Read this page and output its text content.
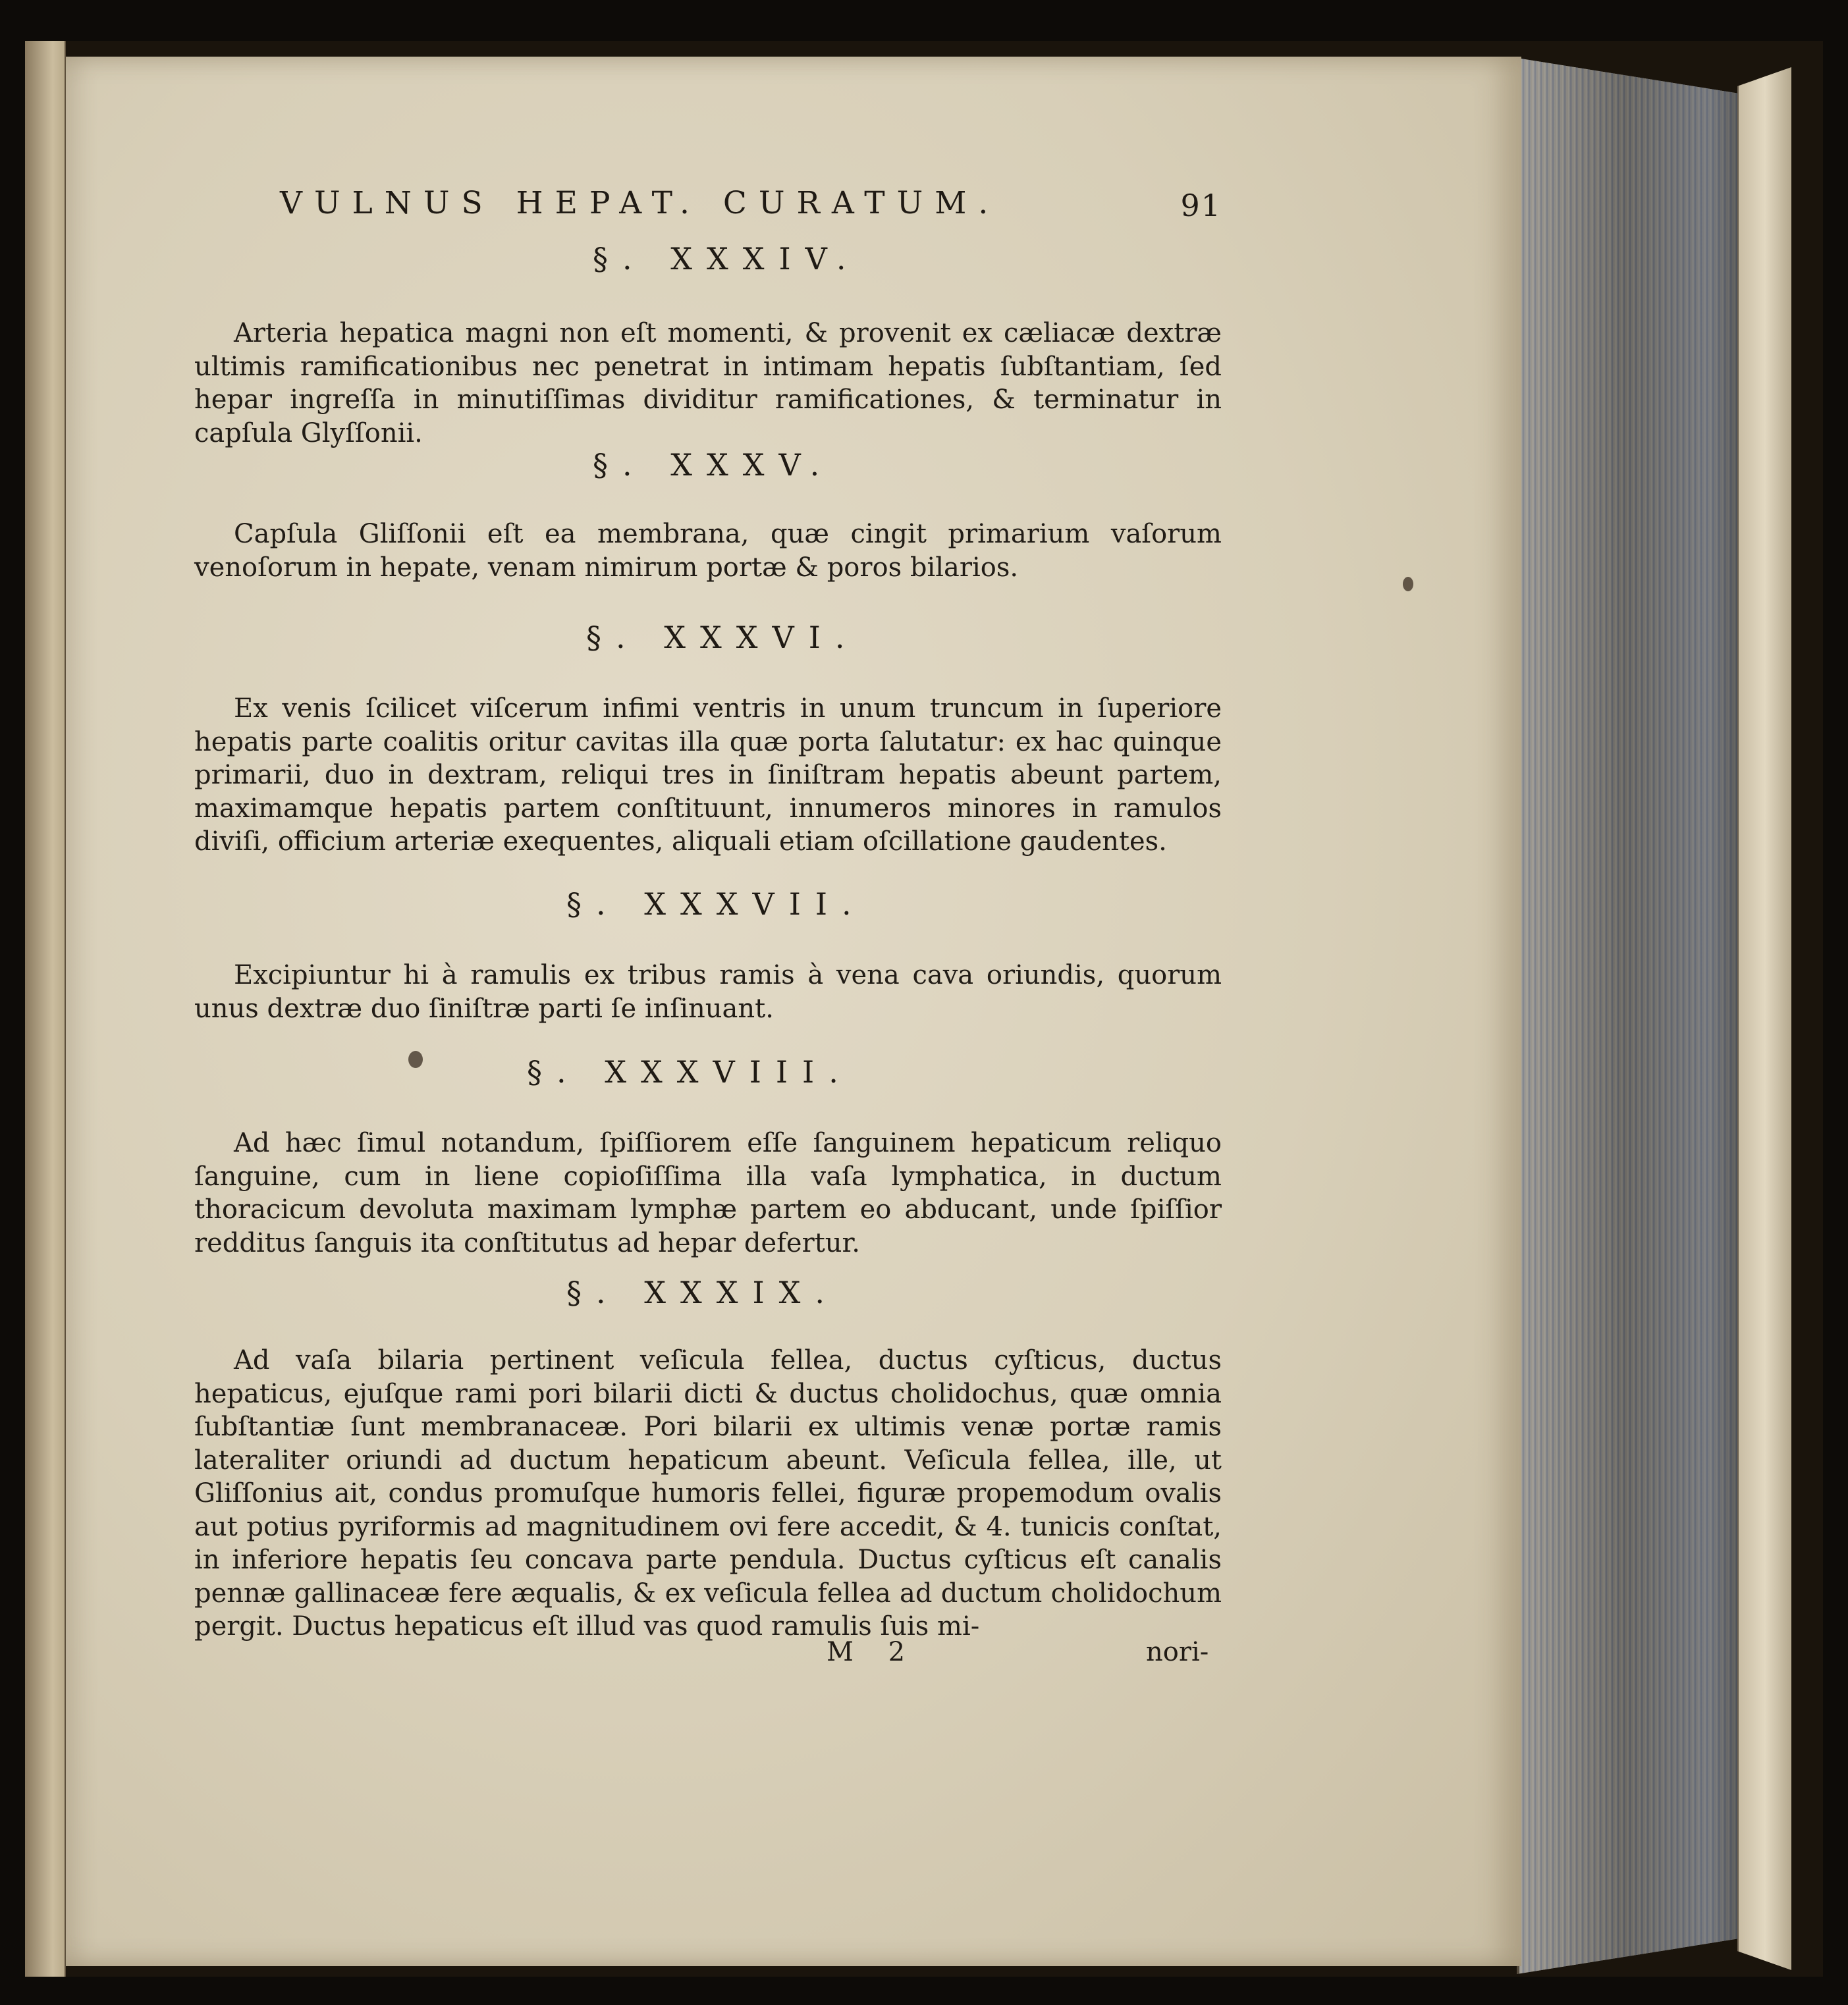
VULNUS HEPAT. CURATUM.	91
§. XXXIV.
Arteria hepatica magni non eſt momenti, & provenit ex cæliacæ dextræ ultimis ramificationibus nec penetrat in intimam hepatis ſubſtantiam, ſed hepar ingreſſa in minutiſſimas dividitur ramificationes, & terminatur in capſula Glyſſonii.
§. XXXV.
Capſula Gliſſonii eſt ea membrana, quæ cingit primarium vaſorum venoſorum in hepate, venam nimirum portæ & poros bilarios.
§. XXXVI.
Ex venis ſcilicet viſcerum infimi ventris in unum truncum in ſuperiore hepatis parte coalitis oritur cavitas illa quæ porta ſalutatur: ex hac quinque primarii, duo in dextram, reliqui tres in ſiniſtram hepatis abeunt partem, maximamque hepatis partem conſtituunt, innumeros minores in ramulos diviſi, officium arteriæ exequentes, aliquali etiam oſcillatione gaudentes.
§. XXXVII.
Excipiuntur hi à ramulis ex tribus ramis à vena cava oriundis, quorum unus dextræ duo ſiniſtræ parti ſe inſinuant.
§. XXXVIII.
Ad hæc ſimul notandum, ſpiſſiorem eſſe ſanguinem hepaticum reliquo ſanguine, cum in liene copioſiſſima illa vaſa lymphatica, in ductum thoracicum devoluta maximam lymphæ partem eo abducant, unde ſpiſſior redditus ſanguis ita conſtitutus ad hepar defertur.
§. XXXIX.
Ad vaſa bilaria pertinent veſicula fellea, ductus cyſticus, ductus hepaticus, ejuſque rami pori bilarii dicti & ductus cholidochus, quæ omnia ſubſtantiæ ſunt membranaceæ. Pori bilarii ex ultimis venæ portæ ramis lateraliter oriundi ad ductum hepaticum abeunt. Veſicula fellea, ille, ut Gliſſonius ait, condus promuſque humoris fellei, figuræ propemodum ovalis aut potius pyriformis ad magnitudinem ovi fere accedit, & 4. tunicis conſtat, in inferiore hepatis ſeu concava parte pendula. Ductus cyſticus eſt canalis pennæ gallinaceæ fere æqualis, & ex veſicula fellea ad ductum cholidochum pergit. Ductus hepaticus eſt illud vas quod ramulis ſuis mi-
M 2	nori-
